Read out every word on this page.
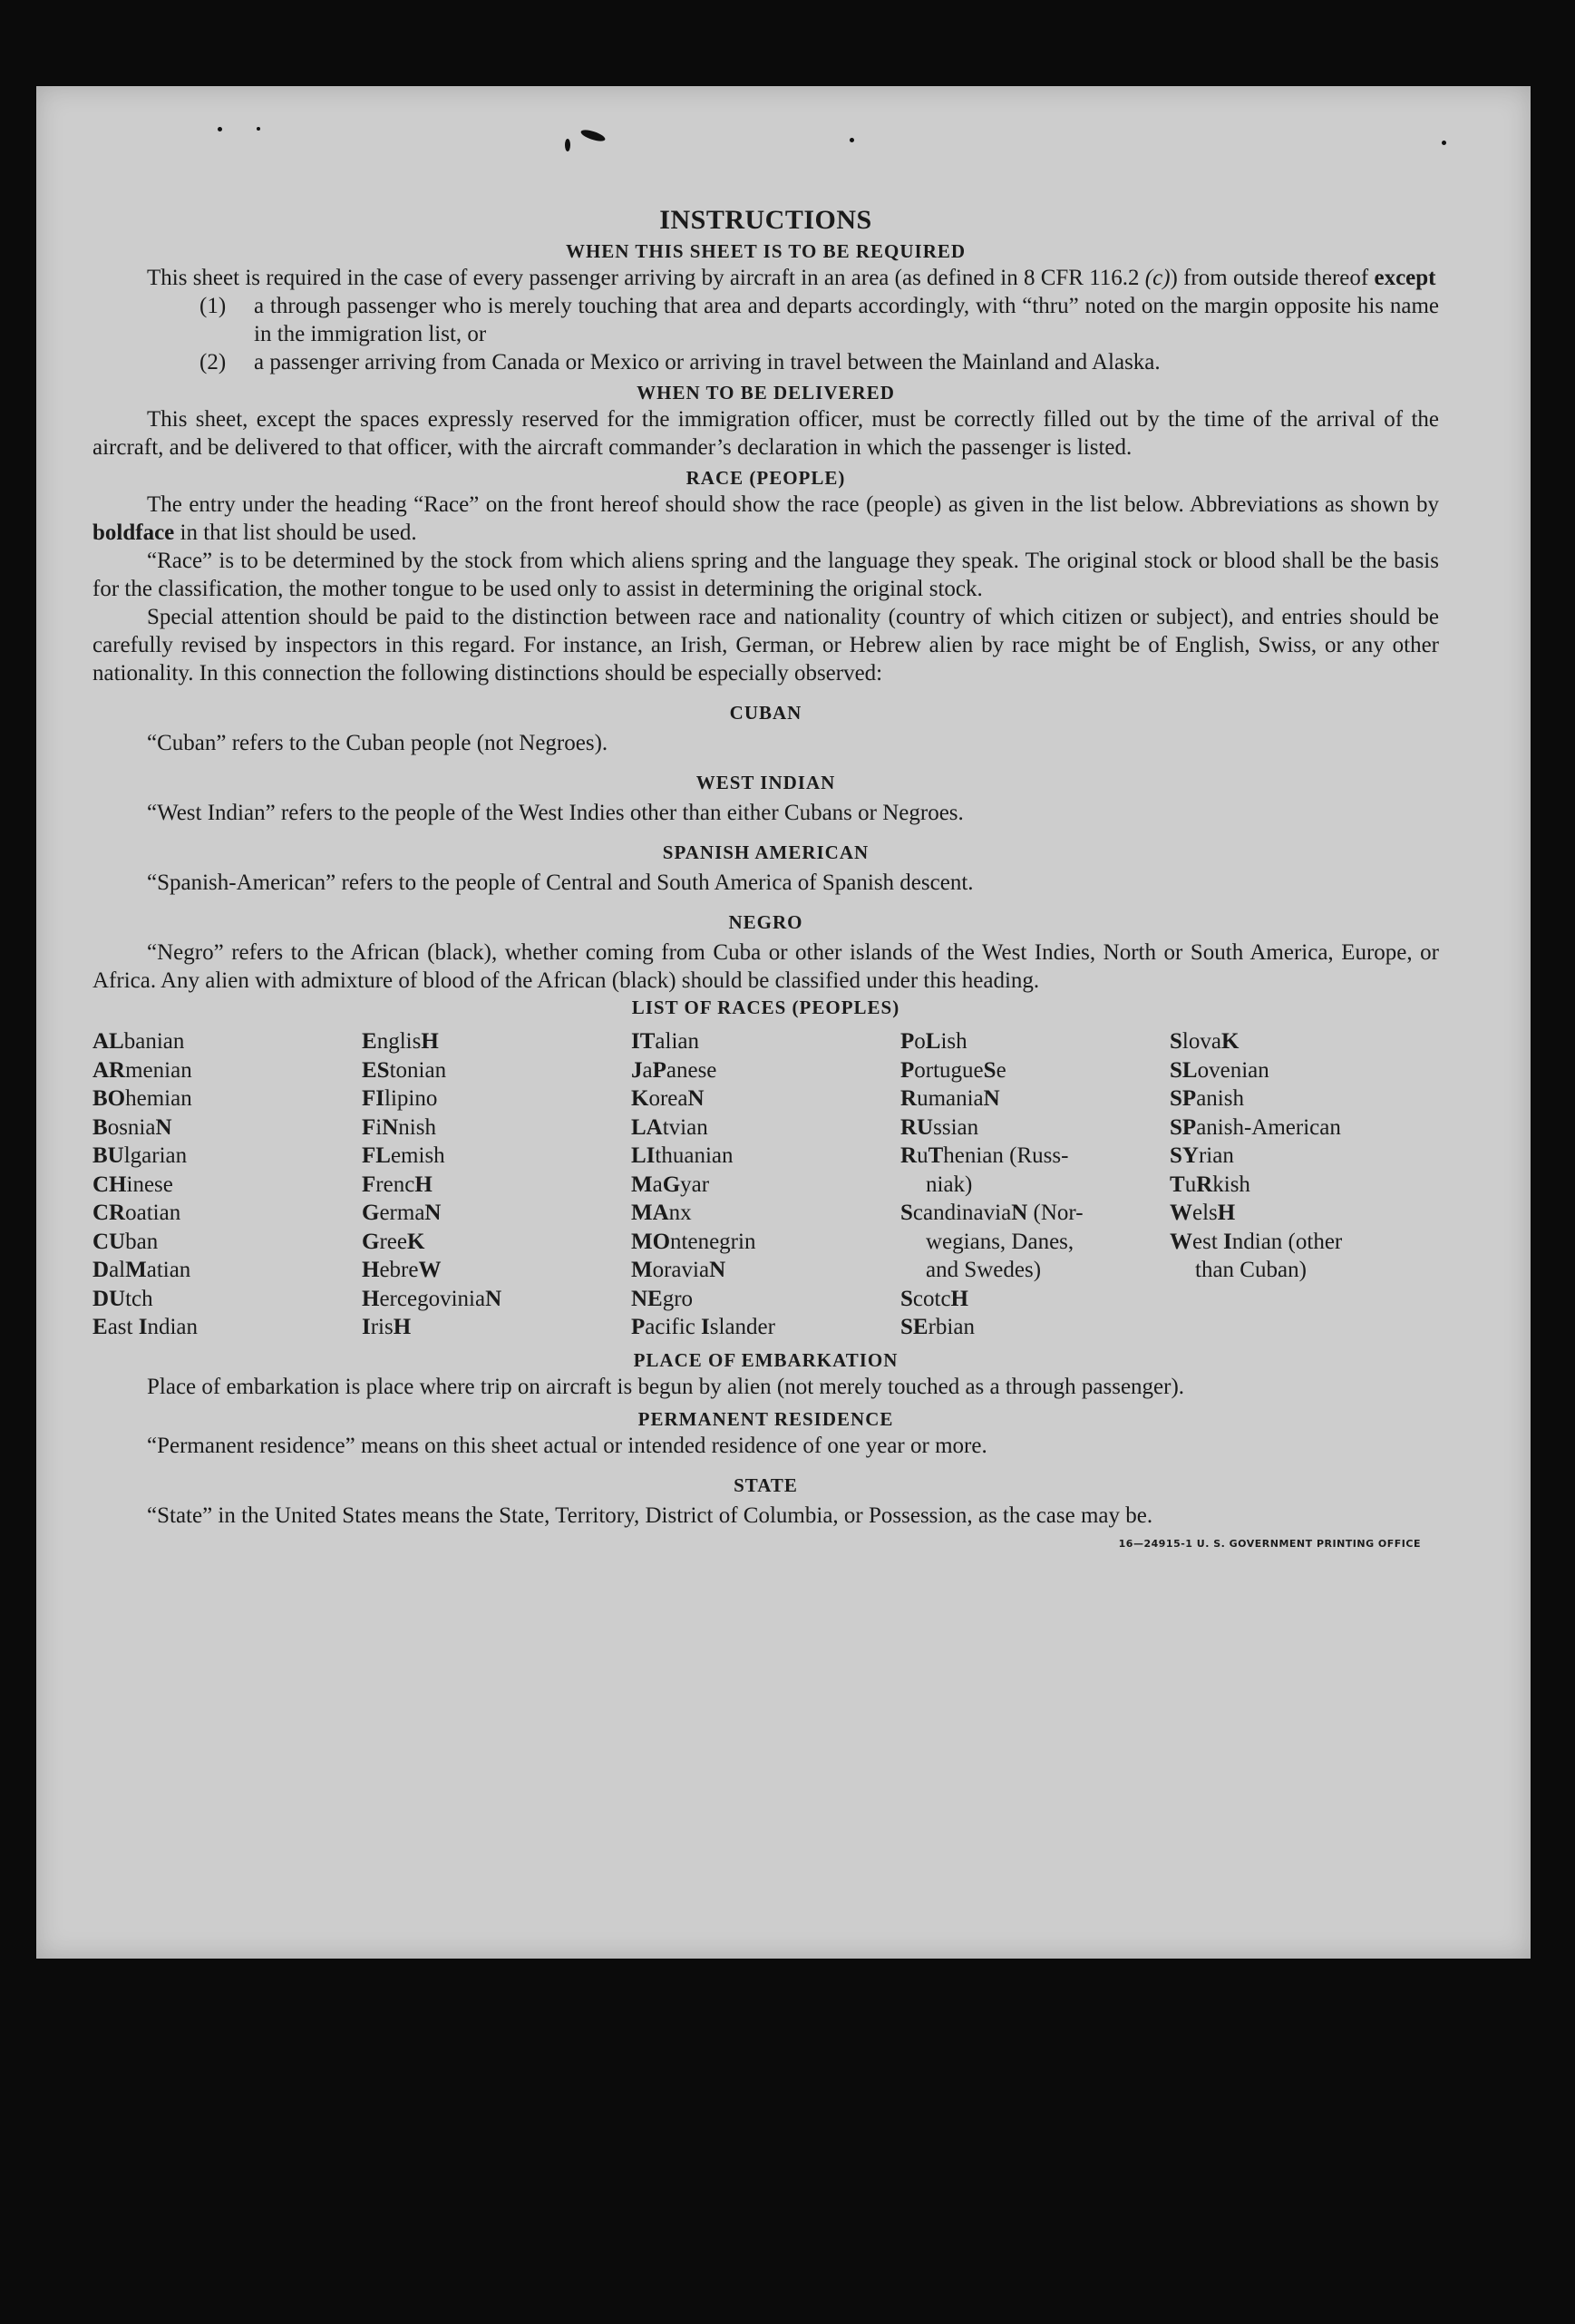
INSTRUCTIONS
WHEN THIS SHEET IS TO BE REQUIRED

This sheet is required in the case of every passenger arriving by aircraft in an area (as defined in 8 CFR 116.2 (c)) from outside thereof except

(1)	a through passenger who is merely touching that area and departs accordingly, with “thru” noted on the margin opposite his name in the immigration list, or
(2)	a passenger arriving from Canada or Mexico or arriving in travel between the Mainland and Alaska.
WHEN TO BE DELIVERED

This sheet, except the spaces expressly reserved for the immigration officer, must be correctly filled out by the time of the arrival of the aircraft, and be delivered to that officer, with the aircraft commander’s declaration in which the passenger is listed.

RACE (PEOPLE)

The entry under the heading “Race” on the front hereof should show the race (people) as given in the list below. Abbreviations as shown by boldface in that list should be used.

“Race” is to be determined by the stock from which aliens spring and the language they speak. The original stock or blood shall be the basis for the classification, the mother tongue to be used only to assist in determining the original stock.

Special attention should be paid to the distinction between race and nationality (country of which citizen or subject), and entries should be carefully revised by inspectors in this regard. For instance, an Irish, German, or Hebrew alien by race might be of English, Swiss, or any other nationality. In this connection the following distinctions should be especially observed:

CUBAN

“Cuban” refers to the Cuban people (not Negroes).

WEST INDIAN

“West Indian” refers to the people of the West Indies other than either Cubans or Negroes.

SPANISH AMERICAN

“Spanish-American” refers to the people of Central and South America of Spanish descent.

NEGRO

“Negro” refers to the African (black), whether coming from Cuba or other islands of the West Indies, North or South America, Europe, or Africa. Any alien with admixture of blood of the African (black) should be classified under this heading.

LIST OF RACES (PEOPLES)
ALbanian
ARmenian
BOhemian
BosniaN
BUlgarian
CHinese
CRoatian
CUban
DalMatian
DUtch
East Indian
EnglisH
EStonian
FIlipino
FiNnish
FLemish
FrencH
GermaN
GreeK
HebreW
HercegoviniaN
IrisH
ITalian
JaPanese
KoreaN
LAtvian
LIthuanian
MaGyar
MAnx
MOntenegrin
MoraviaN
NEgro
Pacific Islander
PoLish
PortugueSe
RumaniaN
RUssian
RuThenian (Russ-
niak)
ScandinaviaN (Nor-
wegians, Danes,
and Swedes)
ScotcH
SErbian
SlovaK
SLovenian
SPanish
SPanish-American
SYrian
TuRkish
WelsH
West Indian (other
than Cuban)
PLACE OF EMBARKATION

Place of embarkation is place where trip on aircraft is begun by alien (not merely touched as a through passenger).

PERMANENT RESIDENCE

“Permanent residence” means on this sheet actual or intended residence of one year or more.

STATE

“State” in the United States means the State, Territory, District of Columbia, or Possession, as the case may be.

16—24915-1 U. S. GOVERNMENT PRINTING OFFICE
